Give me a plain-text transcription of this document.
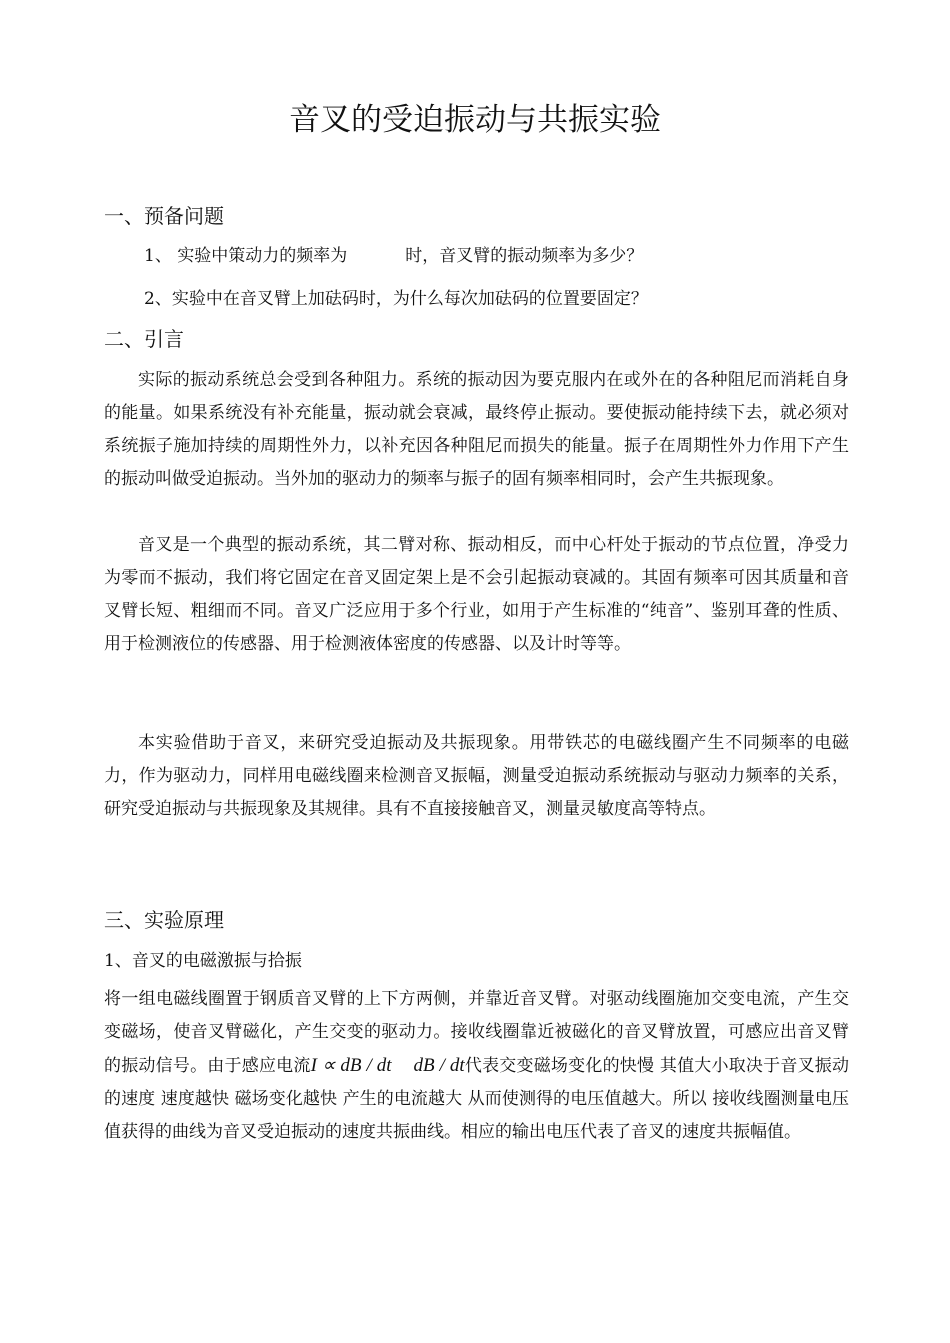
音叉的受迫振动与共振实验
一、预备问题
1、 实验中策动力的频率为	时，音叉臂的振动频率为多少？
2、实验中在音叉臂上加砝码时，为什么每次加砝码的位置要固定？
二、引言

实际的振动系统总会受到各种阻力。系统的振动因为要克服内在或外在的各种阻尼而消耗自身的能量。如果系统没有补充能量，振动就会衰减，最终停止振动。要使振动能持续下去，就必须对系统振子施加持续的周期性外力，以补充因各种阻尼而损失的能量。振子在周期性外力作用下产生的振动叫做受迫振动。当外加的驱动力的频率与振子的固有频率相同时，会产生共振现象。

音叉是一个典型的振动系统，其二臂对称、振动相反，而中心杆处于振动的节点位置，净受力为零而不振动，我们将它固定在音叉固定架上是不会引起振动衰减的。其固有频率可因其质量和音叉臂长短、粗细而不同。音叉广泛应用于多个行业，如用于产生标准的“纯音”、鉴别耳聋的性质、用于检测液位的传感器、用于检测液体密度的传感器、以及计时等等。

本实验借助于音叉，来研究受迫振动及共振现象。用带铁芯的电磁线圈产生不同频率的电磁力，作为驱动力，同样用电磁线圈来检测音叉振幅，测量受迫振动系统振动与驱动力频率的关系，研究受迫振动与共振现象及其规律。具有不直接接触音叉，测量灵敏度高等特点。

三、实验原理
1、音叉的电磁激振与拾振

将一组电磁线圈置于钢质音叉臂的上下方两侧，并靠近音叉臂。对驱动线圈施加交变电流，产生交变磁场，使音叉臂磁化，产生交变的驱动力。接收线圈靠近被磁化的音叉臂放置，可感应出音叉臂的振动信号。由于感应电流I ∝ dB / dt dB / dt代表交变磁场变化的快慢 其值大小取决于音叉振动的速度 速度越快 磁场变化越快 产生的电流越大 从而使测得的电压值越大。所以 接收线圈测量电压值获得的曲线为音叉受迫振动的速度共振曲线。相应的输出电压代表了音叉的速度共振幅值。
